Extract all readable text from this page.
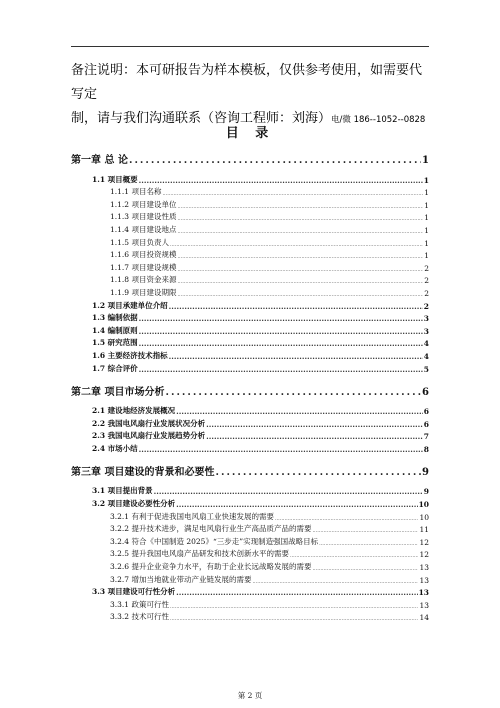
备注说明：本可研报告为样本模板，仅供参考使用，如需要代写定
制，请与我们沟通联系（咨询工程师：刘海）电/微 186--1052--0828
目 录
第一章 总 论 .....	1
1.1 项目概要 .....	1
1.1.1 项目名称 .....	1
1.1.2 项目建设单位 .....	1
1.1.3 项目建设性质 .....	1
1.1.4 项目建设地点 .....	1
1.1.5 项目负责人 .....	1
1.1.6 项目投资规模 .....	1
1.1.7 项目建设规模 .....	2
1.1.8 项目资金来源 .....	2
1.1.9 项目建设期限 .....	2
1.2 项目承建单位介绍 .....	2
1.3 编制依据 .....	3
1.4 编制原则 .....	3
1.5 研究范围 .....	4
1.6 主要经济技术指标 .....	4
1.7 综合评价 .....	5
第二章 项目市场分析 .....	6
2.1 建设地经济发展概况 .....	6
2.2 我国电风扇行业发展状况分析 .....	6
2.3 我国电风扇行业发展趋势分析 .....	7
2.4 市场小结 .....	8
第三章 项目建设的背景和必要性 .....	9
3.1 项目提出背景 .....	9
3.2 项目建设必要性分析 .....	10
3.2.1 有利于促进我国电风扇工业快速发展的需要 .....	10
3.2.2 提升技术进步，满足电风扇行业生产高品质产品的需要 .....	11
3.2.4 符合《中国制造 2025》“三步走”实现制造强国战略目标 .....	12
3.2.5 提升我国电风扇产品研发和技术创新水平的需要 .....	12
3.2.6 提升企业竞争力水平，有助于企业长远战略发展的需要 .....	13
3.2.7 增加当地就业带动产业链发展的需要 .....	13
3.3 项目建设可行性分析 .....	13
3.3.1 政策可行性 .....	13
3.3.2 技术可行性 .....	14
第 2 页
